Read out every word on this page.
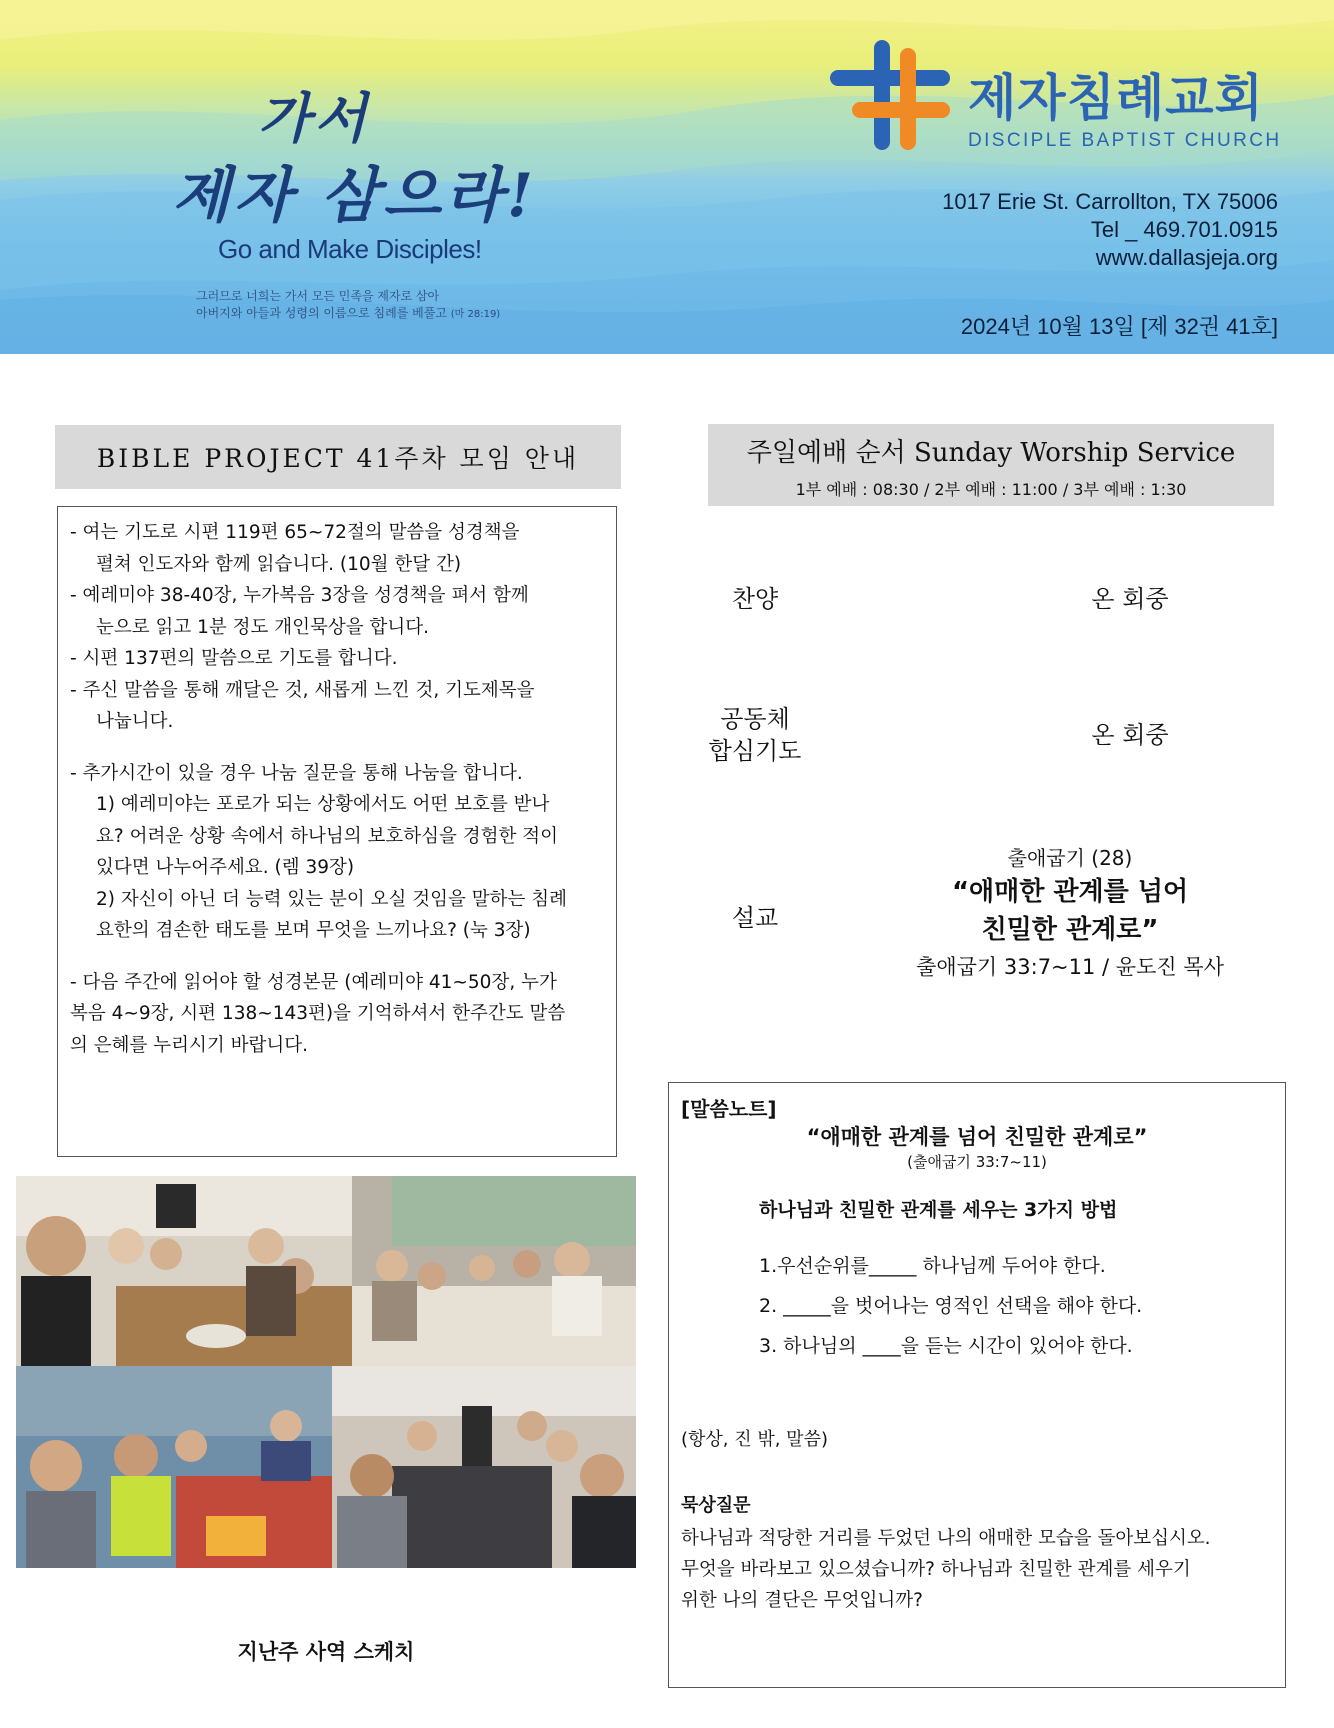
가서
제자 삼으라!
Go and Make Disciples!
그러므로 너희는 가서 모든 민족을 제자로 삼아
아버지와 아들과 성령의 이름으로 침례를 베풀고 (마 28:19)
제자침례교회
DISCIPLE BAPTIST CHURCH
1017 Erie St. Carrollton, TX 75006
Tel _ 469.701.0915
www.dallasjeja.org
2024년 10월 13일 [제 32권 41호]
BIBLE PROJECT 41주차 모임 안내

- 여는 기도로 시편 119편 65~72절의 말씀을 성경책을

펼쳐 인도자와 함께 읽습니다. (10월 한달 간)

- 예레미야 38-40장, 누가복음 3장을 성경책을 펴서 함께

눈으로 읽고 1분 정도 개인묵상을 합니다.

- 시편 137편의 말씀으로 기도를 합니다.

- 주신 말씀을 통해 깨달은 것, 새롭게 느낀 것, 기도제목을

나눕니다.

- 추가시간이 있을 경우 나눔 질문을 통해 나눔을 합니다.

1) 예레미야는 포로가 되는 상황에서도 어떤 보호를 받나

요? 어려운 상황 속에서 하나님의 보호하심을 경험한 적이

있다면 나누어주세요. (렘 39장)

2) 자신이 아닌 더 능력 있는 분이 오실 것임을 말하는 침례

요한의 겸손한 태도를 보며 무엇을 느끼나요? (눅 3장)

- 다음 주간에 읽어야 할 성경본문 (예레미야 41~50장, 누가

복음 4~9장, 시편 138~143편)을 기억하셔서 한주간도 말씀

의 은혜를 누리시기 바랍니다.

지난주 사역 스케치
주일예배 순서 Sunday Worship Service
1부 예배 : 08:30 / 2부 예배 : 11:00 / 3부 예배 : 1:30
찬양	온 회중
공동체
합심기도
온 회중
설교
출애굽기 (28)
“애매한 관계를 넘어
친밀한 관계로”
출애굽기 33:7~11 / 윤도진 목사
[말씀노트]
“애매한 관계를 넘어 친밀한 관계로”
(출애굽기 33:7~11)
하나님과 친밀한 관계를 세우는 3가지 방법
1.우선순위를_____ 하나님께 두어야 한다.
2. _____을 벗어나는 영적인 선택을 해야 한다.
3. 하나님의 ____을 듣는 시간이 있어야 한다.
(항상, 진 밖, 말씀)
묵상질문
하나님과 적당한 거리를 두었던 나의 애매한 모습을 돌아보십시오.
무엇을 바라보고 있으셨습니까? 하나님과 친밀한 관계를 세우기
위한 나의 결단은 무엇입니까?
